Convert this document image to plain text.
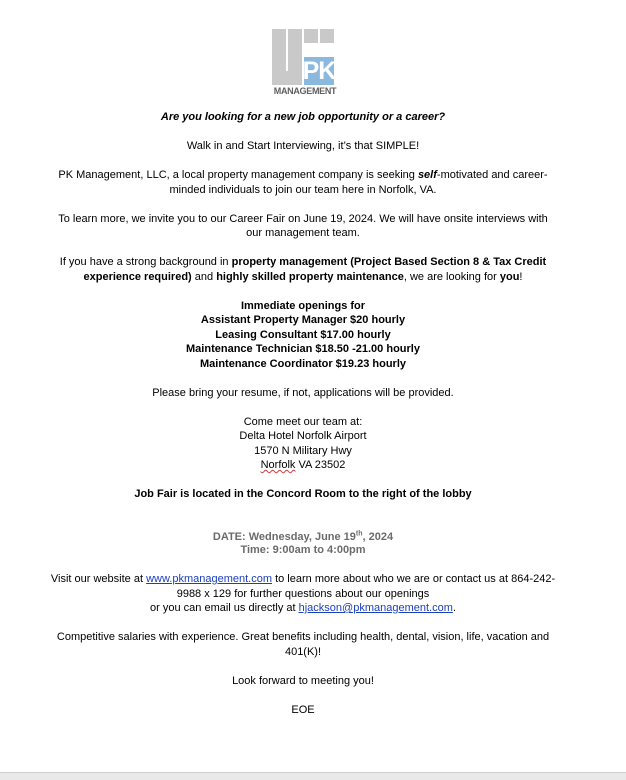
PK
MANAGEMENT

Are you looking for a new job opportunity or a career?

Walk in and Start Interviewing, it’s that SIMPLE!

PK Management, LLC, a local property management company is seeking self-motivated and career-minded individuals to join our team here in Norfolk, VA.

To learn more, we invite you to our Career Fair on June 19, 2024. We will have onsite interviews with our management team.

If you have a strong background in property management (Project Based Section 8 & Tax Credit experience required) and highly skilled property maintenance, we are looking for you!

Immediate openings for

Assistant Property Manager $20 hourly

Leasing Consultant $17.00 hourly

Maintenance Technician $18.50 -21.00 hourly

Maintenance Coordinator $19.23 hourly

Please bring your resume, if not, applications will be provided.

Come meet our team at:

Delta Hotel Norfolk Airport

1570 N Military Hwy

Norfolk VA 23502

Job Fair is located in the Concord Room to the right of the lobby

DATE: Wednesday, June 19th, 2024

Time: 9:00am to 4:00pm

Visit our website at www.pkmanagement.com to learn more about who we are or contact us at 864-242-9988 x 129 for further questions about our openings
or you can email us directly at hjackson@pkmanagement.com.

Competitive salaries with experience. Great benefits including health, dental, vision, life, vacation and 401(K)!

Look forward to meeting you!

EOE
